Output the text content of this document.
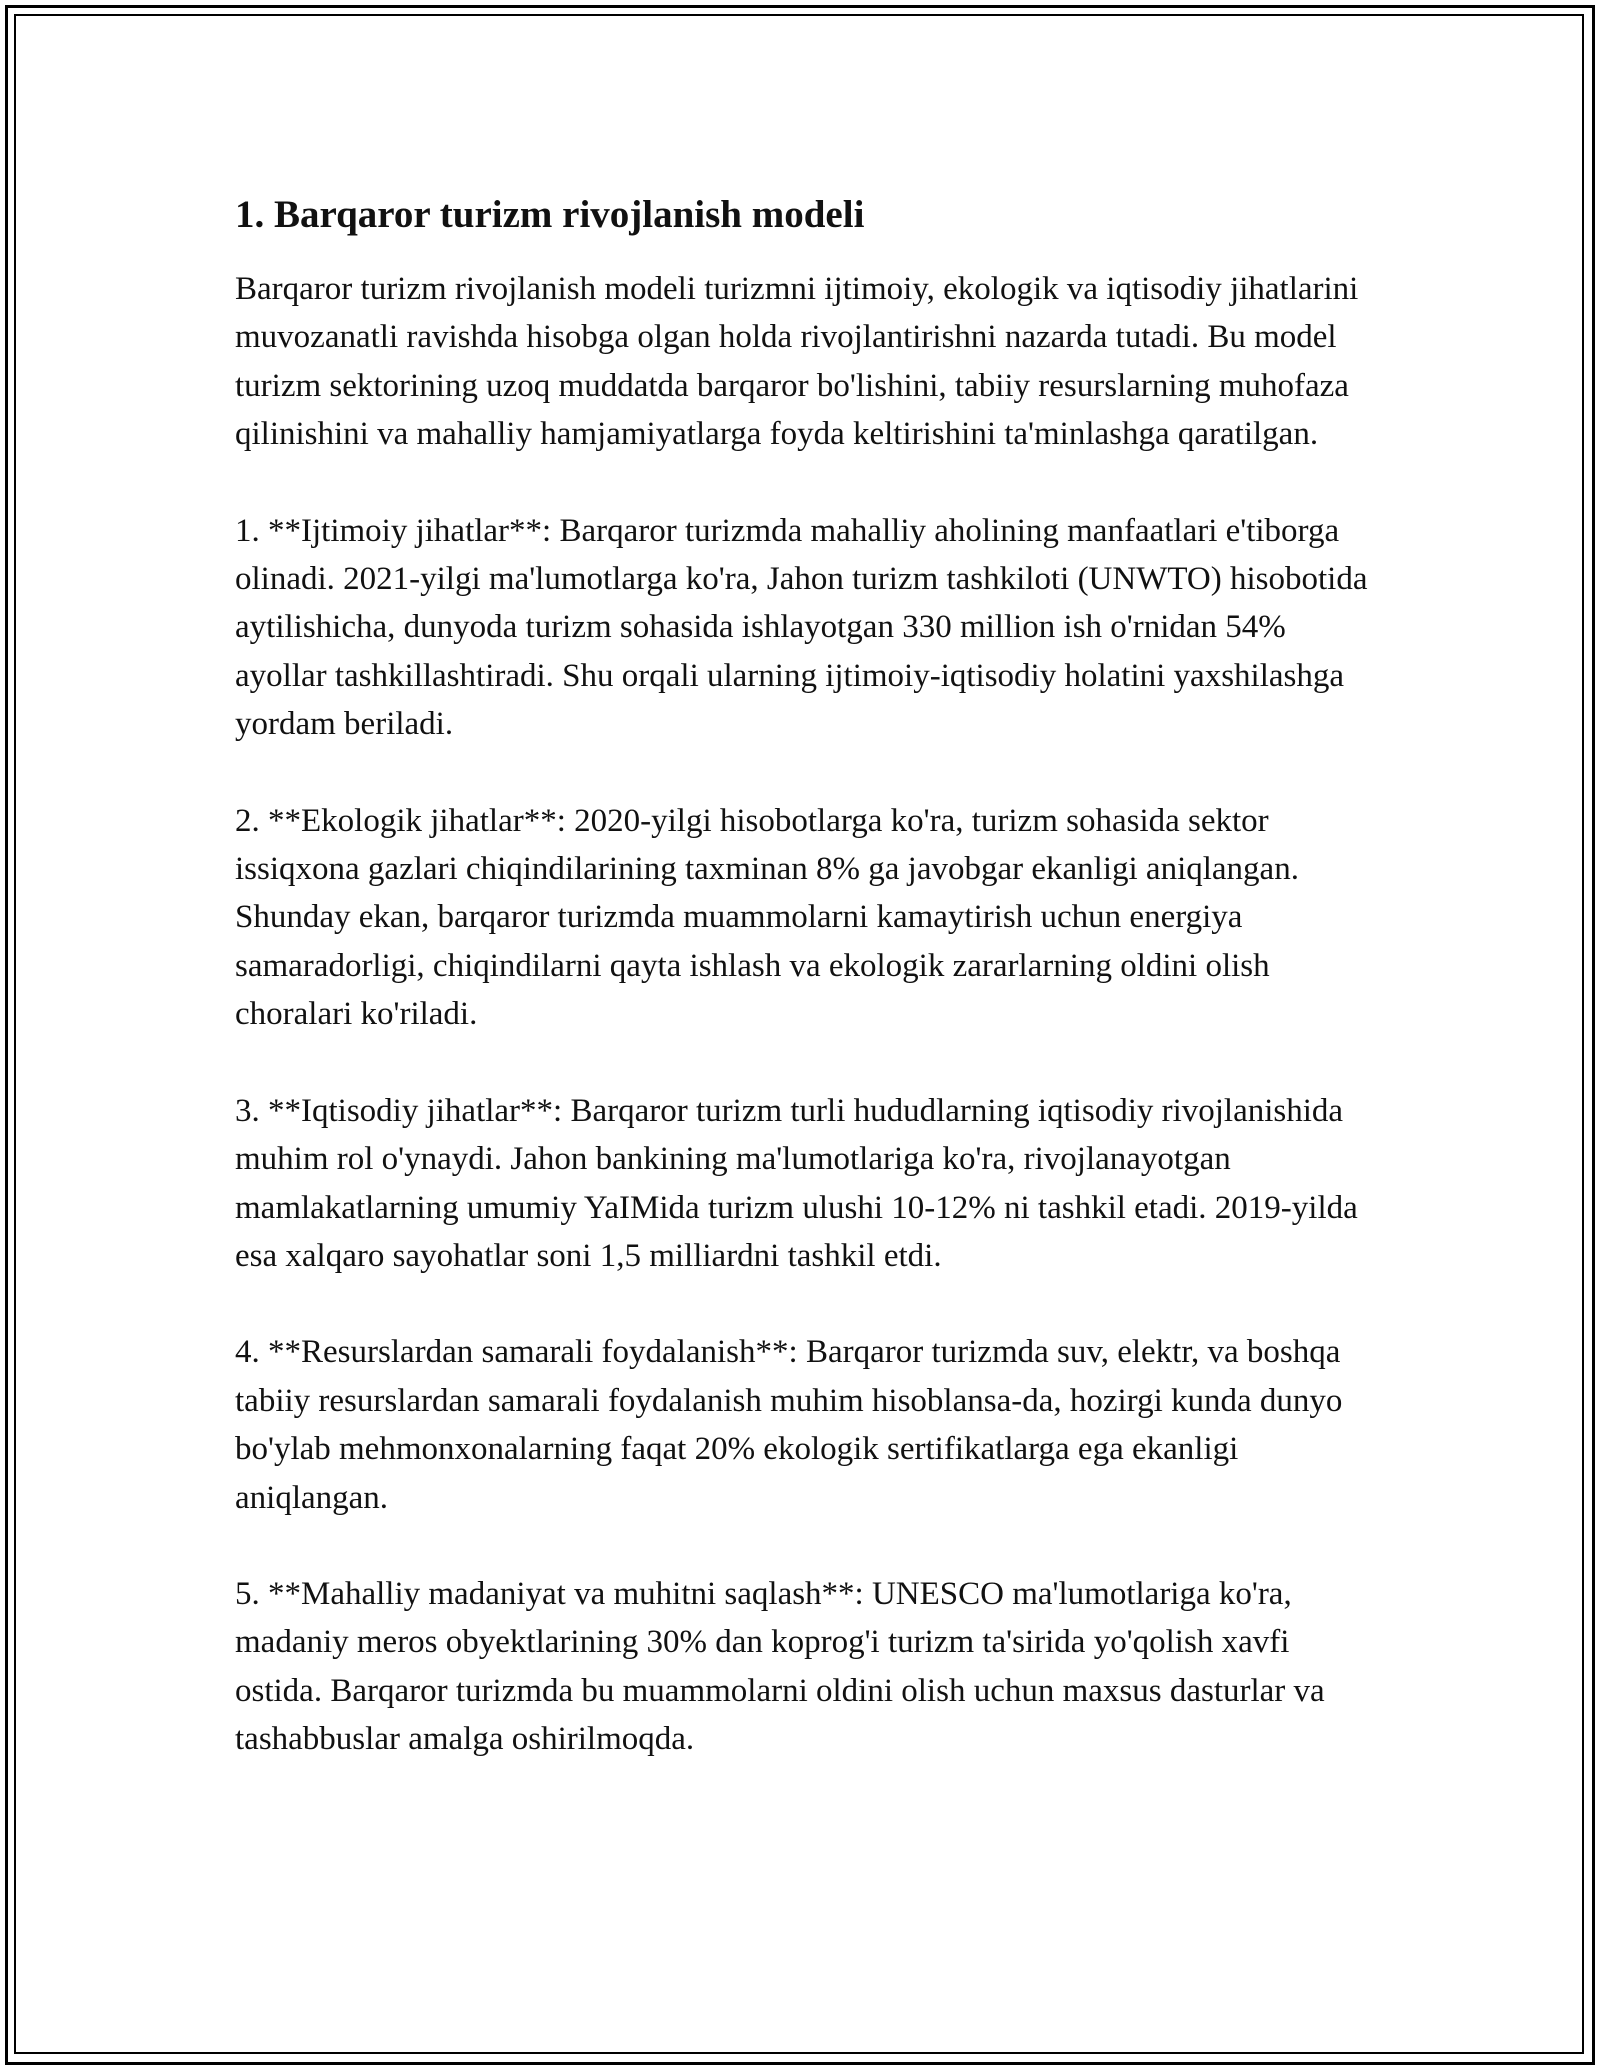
1. Barqaror turizm rivojlanish modeli

Barqaror turizm rivojlanish modeli turizmni ijtimoiy, ekologik va iqtisodiy jihatlarini muvozanatli ravishda hisobga olgan holda rivojlantirishni nazarda tutadi. Bu model turizm sektorining uzoq muddatda barqaror bo'lishini, tabiiy resurslarning muhofaza qilinishini va mahalliy hamjamiyatlarga foyda keltirishini ta'minlashga qaratilgan.

1. **Ijtimoiy jihatlar**: Barqaror turizmda mahalliy aholining manfaatlari e'tiborga olinadi. 2021-yilgi ma'lumotlarga ko'ra, Jahon turizm tashkiloti (UNWTO) hisobotida aytilishicha, dunyoda turizm sohasida ishlayotgan 330 million ish o'rnidan 54% ayollar tashkillashtiradi. Shu orqali ularning ijtimoiy-iqtisodiy holatini yaxshilashga yordam beriladi.

2. **Ekologik jihatlar**: 2020-yilgi hisobotlarga ko'ra, turizm sohasida sektor issiqxona gazlari chiqindilarining taxminan 8% ga javobgar ekanligi aniqlangan. Shunday ekan, barqaror turizmda muammolarni kamaytirish uchun energiya samaradorligi, chiqindilarni qayta ishlash va ekologik zararlarning oldini olish choralari ko'riladi.

3. **Iqtisodiy jihatlar**: Barqaror turizm turli hududlarning iqtisodiy rivojlanishida muhim rol o'ynaydi. Jahon bankining ma'lumotlariga ko'ra, rivojlanayotgan mamlakatlarning umumiy YaIMida turizm ulushi 10-12% ni tashkil etadi. 2019-yilda esa xalqaro sayohatlar soni 1,5 milliardni tashkil etdi.

4. **Resurslardan samarali foydalanish**: Barqaror turizmda suv, elektr, va boshqa tabiiy resurslardan samarali foydalanish muhim hisoblansa-da, hozirgi kunda dunyo bo'ylab mehmonxonalarning faqat 20% ekologik sertifikatlarga ega ekanligi aniqlangan.

5. **Mahalliy madaniyat va muhitni saqlash**: UNESCO ma'lumotlariga ko'ra, madaniy meros obyektlarining 30% dan koprog'i turizm ta'sirida yo'qolish xavfi ostida. Barqaror turizmda bu muammolarni oldini olish uchun maxsus dasturlar va tashabbuslar amalga oshirilmoqda.
